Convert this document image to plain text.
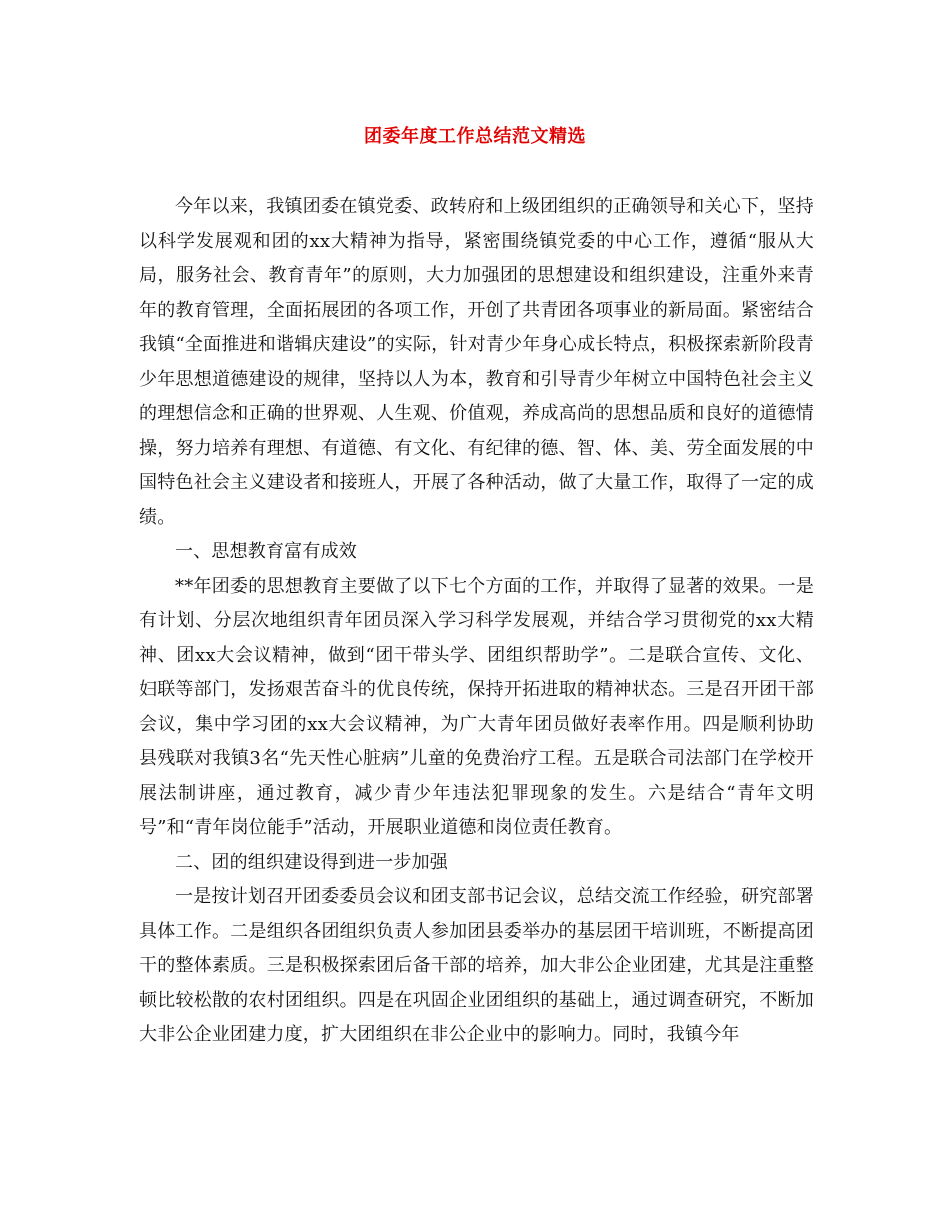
团委年度工作总结范文精选

今年以来，我镇团委在镇党委、政转府和上级团组织的正确领导和关心下，坚持以科学发展观和团的xx大精神为指导，紧密围绕镇党委的中心工作，遵循“服从大局，服务社会、教育青年”的原则，大力加强团的思想建设和组织建设，注重外来青年的教育管理，全面拓展团的各项工作，开创了共青团各项事业的新局面。紧密结合我镇“全面推进和谐辑庆建设”的实际，针对青少年身心成长特点，积极探索新阶段青少年思想道德建设的规律，坚持以人为本，教育和引导青少年树立中国特色社会主义的理想信念和正确的世界观、人生观、价值观，养成高尚的思想品质和良好的道德情操，努力培养有理想、有道德、有文化、有纪律的德、智、体、美、劳全面发展的中国特色社会主义建设者和接班人，开展了各种活动，做了大量工作，取得了一定的成绩。

一、思想教育富有成效

**年团委的思想教育主要做了以下七个方面的工作，并取得了显著的效果。一是有计划、分层次地组织青年团员深入学习科学发展观，并结合学习贯彻党的xx大精神、团xx大会议精神，做到“团干带头学、团组织帮助学”。二是联合宣传、文化、妇联等部门，发扬艰苦奋斗的优良传统，保持开拓进取的精神状态。三是召开团干部会议，集中学习团的xx大会议精神，为广大青年团员做好表率作用。四是顺利协助县残联对我镇3名“先天性心脏病”儿童的免费治疗工程。五是联合司法部门在学校开展法制讲座，通过教育，减少青少年违法犯罪现象的发生。六是结合“青年文明号”和“青年岗位能手”活动，开展职业道德和岗位责任教育。

二、团的组织建设得到进一步加强

一是按计划召开团委委员会议和团支部书记会议，总结交流工作经验，研究部署具体工作。二是组织各团组织负责人参加团县委举办的基层团干培训班，不断提高团干的整体素质。三是积极探索团后备干部的培养，加大非公企业团建，尤其是注重整顿比较松散的农村团组织。四是在巩固企业团组织的基础上，通过调查研究，不断加大非公企业团建力度，扩大团组织在非公企业中的影响力。同时，我镇今年
